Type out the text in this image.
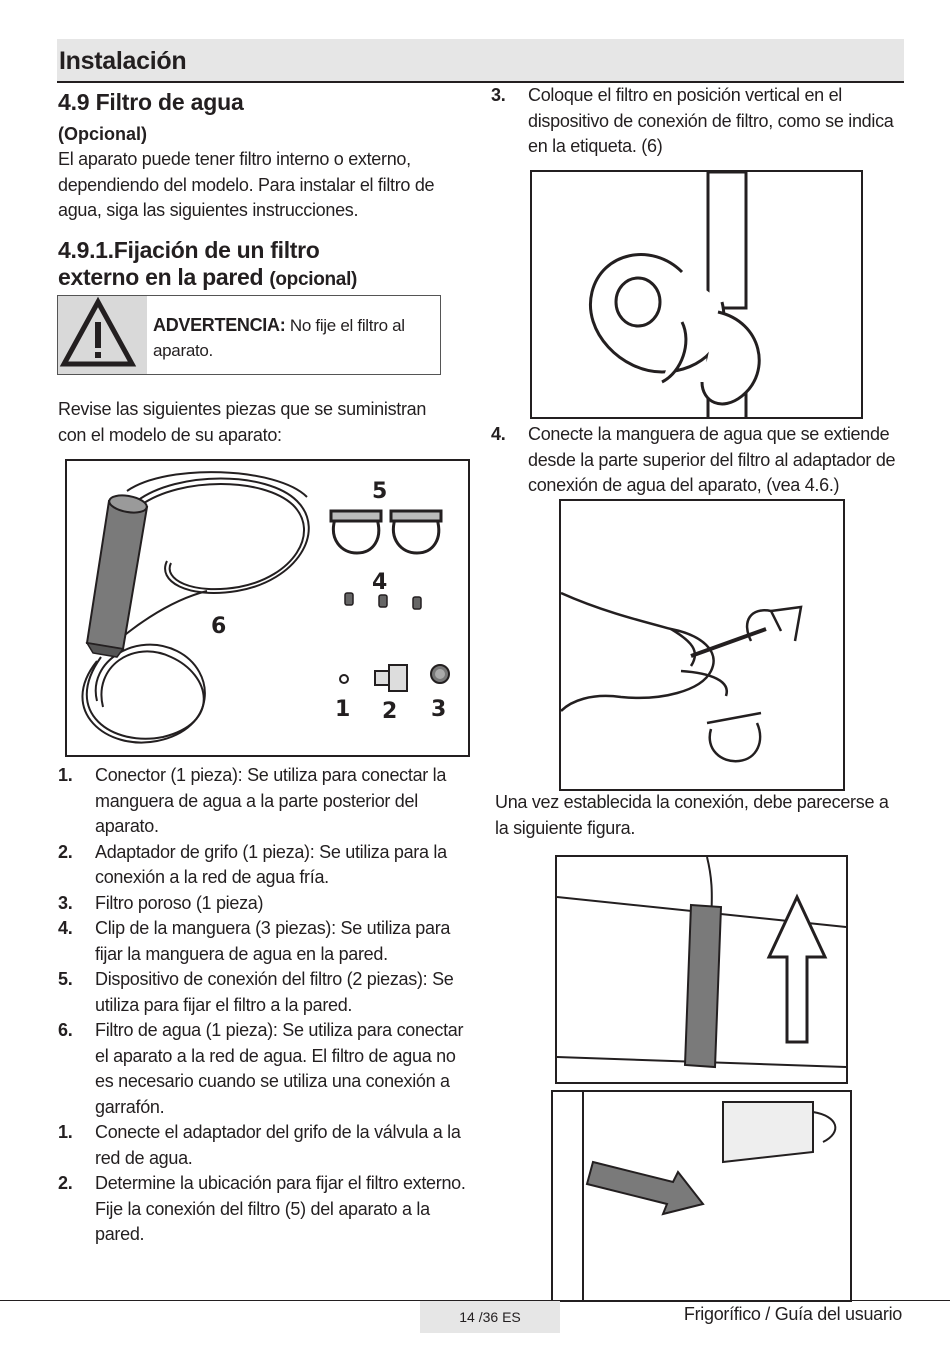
Instalación
4.9 Filtro de agua
(Opcional)
El aparato puede tener filtro interno o externo, dependiendo del modelo. Para instalar el filtro de agua, siga las siguientes instrucciones.
4.9.1.Fijación de un filtro
externo en la pared (opcional)
ADVERTENCIA: No fije el filtro al aparato.
Revise las siguientes piezas que se suministran con el modelo de su aparato:
5
4
6
1 2 3
1. Conector (1 pieza): Se utiliza para conectar la manguera de agua a la parte posterior del aparato.
2. Adaptador de grifo (1 pieza): Se utiliza para la conexión a la red de agua fría.
3. Filtro poroso (1 pieza)
4. Clip de la manguera (3 piezas): Se utiliza para fijar la manguera de agua en la pared.
5. Dispositivo de conexión del filtro (2 piezas): Se utiliza para fijar el filtro a la pared.
6. Filtro de agua (1 pieza): Se utiliza para conectar el aparato a la red de agua. El filtro de agua no es necesario cuando se utiliza una conexión a garrafón.
1. Conecte el adaptador del grifo de la válvula a la red de agua.
2. Determine la ubicación para fijar el filtro externo. Fije la conexión del filtro (5) del aparato a la pared.
3. Coloque el filtro en posición vertical en el dispositivo de conexión de filtro, como se indica en la etiqueta. (6)
4. Conecte la manguera de agua que se extiende desde la parte superior del filtro al adaptador de conexión de agua del aparato, (vea 4.6.)
Una vez establecida la conexión, debe parecerse a la siguiente figura.
14 /36 ES	Frigorífico / Guía del usuario
